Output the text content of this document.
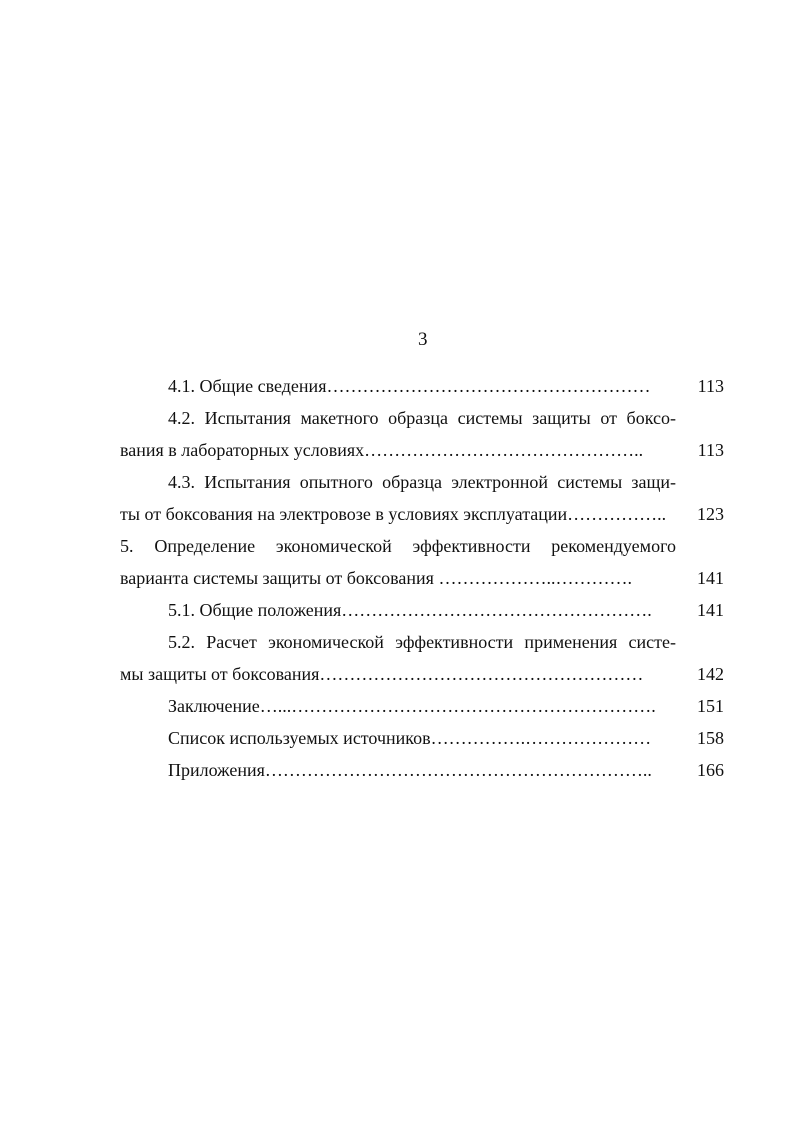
3
4.1. Общие сведения………………………………………………	113
4.2. Испытания макетного образца системы защиты от боксо-
вания в лабораторных условиях………………………………………..	113
4.3. Испытания опытного образца электронной системы защи-
ты от боксования на электровозе в условиях эксплуатации……………..	123
5. Определение экономической эффективности рекомендуемого
варианта системы защиты от боксования ………………..………….	141
5.1. Общие положения…………………………………………….	141
5.2. Расчет экономической эффективности применения систе-
мы защиты от боксования………………………………………………	142
Заключение…...…………………………………………………….	151
Список используемых источников…………….…………………	158
Приложения………………………………………………………..	166
